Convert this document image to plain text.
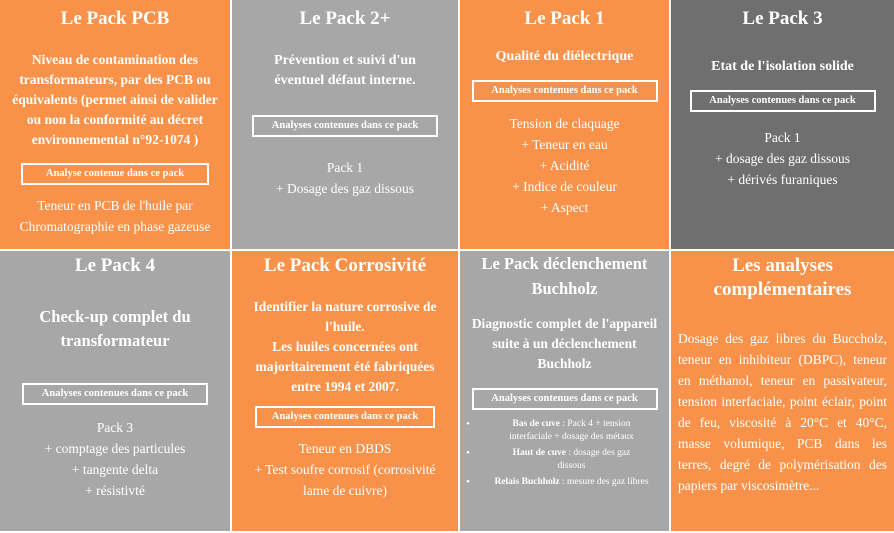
Le Pack PCB
Niveau de contamination des
transformateurs, par des PCB ou
équivalents (permet ainsi de valider
ou non la conformité au décret
environnemental n°92-1074 )
Analyse contenue dans ce pack
Teneur en PCB de l'huile par
Chromatographie en phase gazeuse
Le Pack 2+
Prévention et suivi d'un
éventuel défaut interne.
Analyses contenues dans ce pack
Pack 1
+ Dosage des gaz dissous
Le Pack 1
Qualité du diélectrique
Analyses contenues dans ce pack
Tension de claquage
+ Teneur en eau
+ Acidité
+ Indice de couleur
+ Aspect
Le Pack 3
Etat de l'isolation solide
Analyses contenues dans ce pack
Pack 1
+ dosage des gaz dissous
+ dérivés furaniques
Le Pack 4
Check-up complet du
transformateur
Analyses contenues dans ce pack
Pack 3
+ comptage des particules
+ tangente delta
+ résistivté
Le Pack Corrosivité
Identifier la nature corrosive de
l'huile.
Les huiles concernées ont
majoritairement été fabriquées
entre 1994 et 2007.
Analyses contenues dans ce pack
Teneur en DBDS
+ Test soufre corrosif (corrosivité
lame de cuivre)
Le Pack déclenchement
Buchholz
Diagnostic complet de l'appareil
suite à un déclenchement
Buchholz
Analyses contenues dans ce pack
• Bas de cuve : Pack 4 + tension
interfaciale + dosage des métaux
• Haut de cuve : dosage des gaz
dissous
• Relais Buchholz : mesure des gaz libres
Les analyses
complémentaires
Dosage des gaz libres du Buccholz, teneur en inhibiteur (DBPC), teneur en méthanol, teneur en passivateur, tension interfaciale, point éclair, point de feu, viscosité à 20°C et 40°C, masse volumique, PCB dans les terres, degré de polymérisation des papiers par viscosimètre...
